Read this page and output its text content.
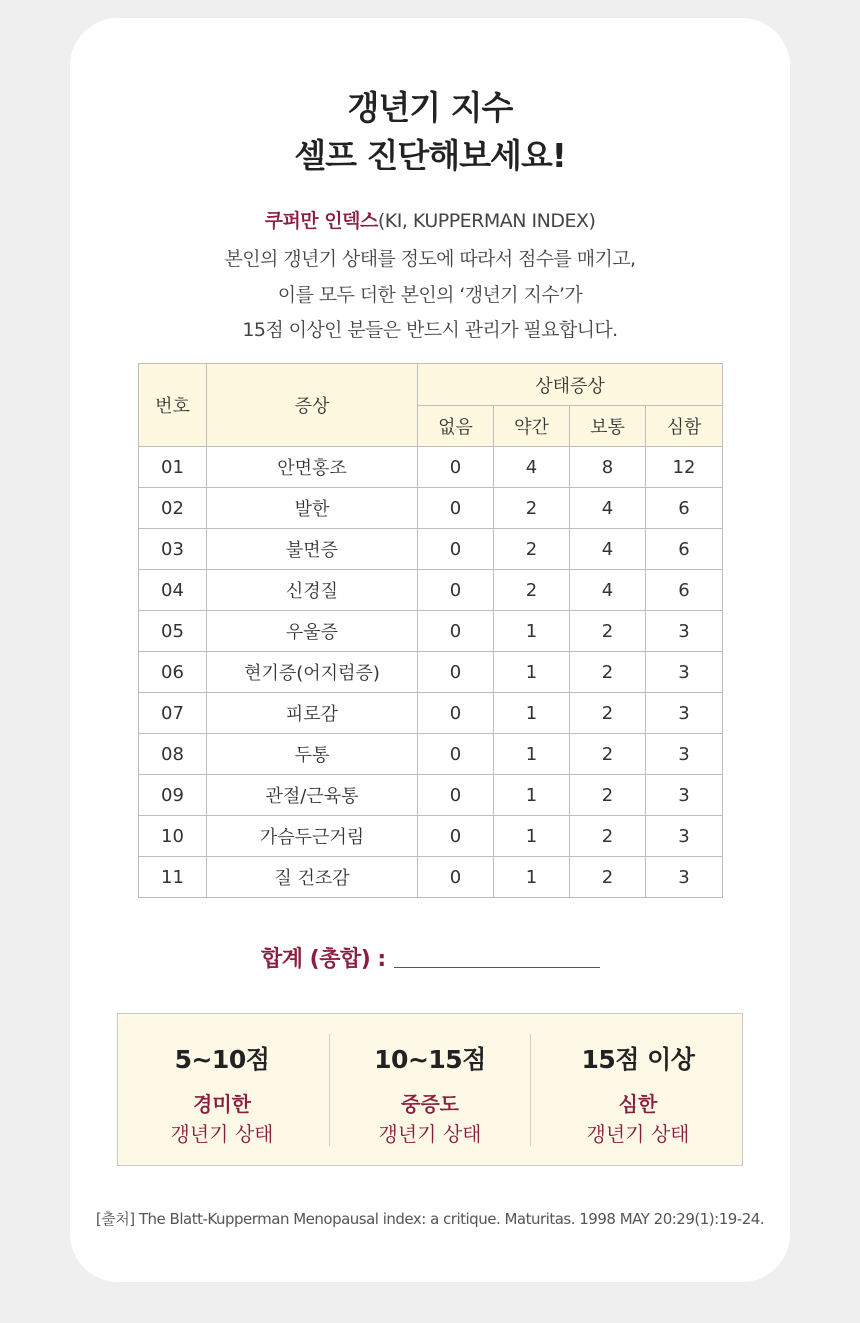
갱년기 지수
셀프 진단해보세요!
쿠퍼만 인덱스(KI, KUPPERMAN INDEX)
본인의 갱년기 상태를 정도에 따라서 점수를 매기고,
이를 모두 더한 본인의 ‘갱년기 지수’가
15점 이상인 분들은 반드시 관리가 필요합니다.
번호	증상	상태증상			
		없음	약간	보통	심함
01	안면홍조	0	4	8	12
02	발한	0	2	4	6
03	불면증	0	2	4	6
04	신경질	0	2	4	6
05	우울증	0	1	2	3
06	현기증(어지럼증)	0	1	2	3
07	피로감	0	1	2	3
08	두통	0	1	2	3
09	관절/근육통	0	1	2	3
10	가슴두근거림	0	1	2	3
11	질 건조감	0	1	2	3
합계 (총합) :
5~10점
경미한
갱년기 상태
10~15점
중증도
갱년기 상태
15점 이상
심한
갱년기 상태
[출처] The Blatt-Kupperman Menopausal index: a critique. Maturitas. 1998 MAY 20:29(1):19-24.
